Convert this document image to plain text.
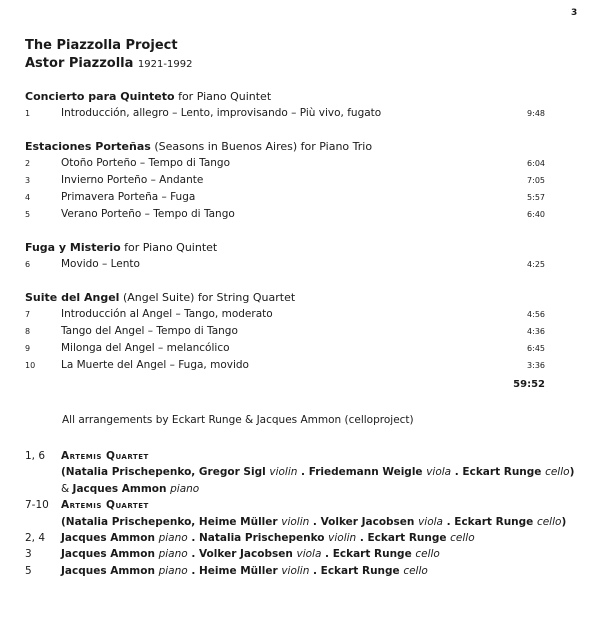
3
The Piazzolla Project
Astor Piazzolla 1921-1992
Concierto para Quinteto for Piano Quintet
1	Introducción, allegro – Lento, improvisando – Più vivo, fugato	9:48
Estaciones Porteñas (Seasons in Buenos Aires) for Piano Trio
2	Otoño Porteño – Tempo di Tango	6:04
3	Invierno Porteño – Andante	7:05
4	Primavera Porteña – Fuga	5:57
5	Verano Porteño – Tempo di Tango	6:40
Fuga y Misterio for Piano Quintet
6	Movido – Lento	4:25
Suite del Angel (Angel Suite) for String Quartet
7	Introducción al Angel – Tango, moderato	4:56
8	Tango del Angel – Tempo di Tango	4:36
9	Milonga del Angel – melancólico	6:45
10	La Muerte del Angel – Fuga, movido	3:36
59:52
All arrangements by Eckart Runge & Jacques Ammon (celloproject)
1, 6 Artemis Quartet
(Natalia Prischepenko, Gregor Sigl violin . Friedemann Weigle viola . Eckart Runge cello)
& Jacques Ammon piano
7-10 Artemis Quartet
(Natalia Prischepenko, Heime Müller violin . Volker Jacobsen viola . Eckart Runge cello)
2, 4 Jacques Ammon piano . Natalia Prischepenko violin . Eckart Runge cello
3	Jacques Ammon piano . Volker Jacobsen viola . Eckart Runge cello
5	Jacques Ammon piano . Heime Müller violin . Eckart Runge cello
